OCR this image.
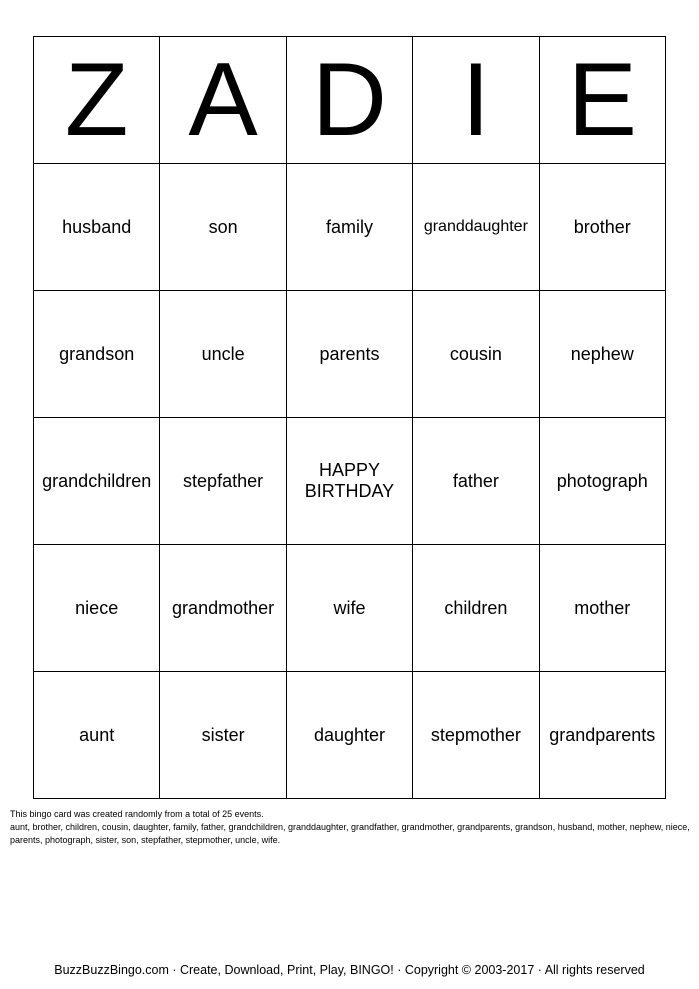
Z	A	D	I	E
husband	son	family	granddaughter	brother
grandson	uncle	parents	cousin	nephew
grandchildren	stepfather	HAPPY BIRTHDAY	father	photograph
niece	grandmother	wife	children	mother
aunt	sister	daughter	stepmother	grandparents

This bingo card was created randomly from a total of 25 events.

aunt, brother, children, cousin, daughter, family, father, grandchildren, granddaughter, grandfather, grandmother, grandparents, grandson, husband, mother, nephew, niece, parents, photograph, sister, son, stepfather, stepmother, uncle, wife.

BuzzBuzzBingo.com · Create, Download, Print, Play, BINGO! · Copyright © 2003-2017 · All rights reserved
